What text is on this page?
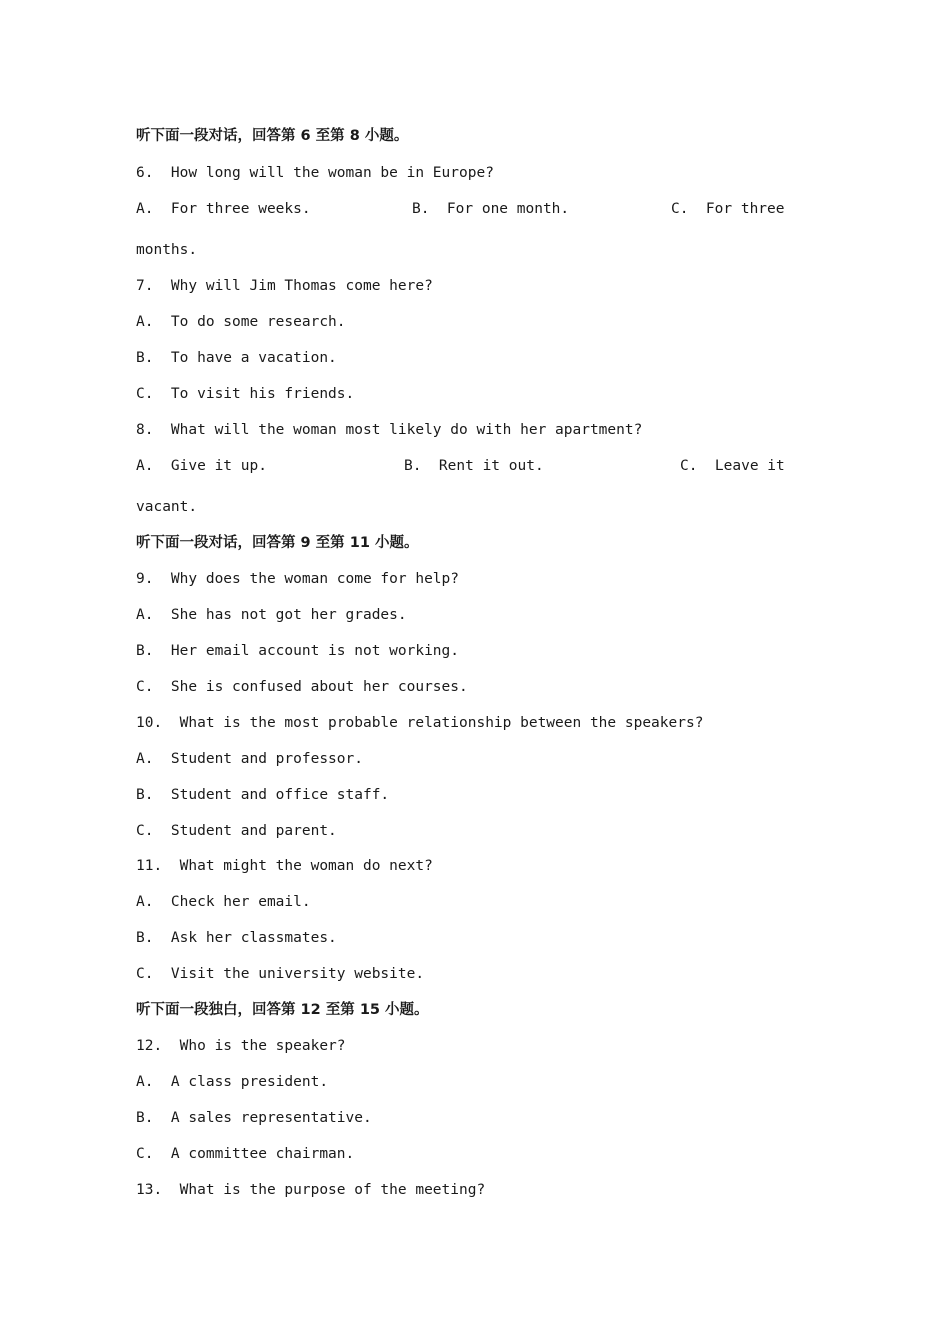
听下面一段对话，回答第 6 至第 8 小题。
6.  How long will the woman be in Europe?

A.  For three weeks.

	B.  For one month.

	C.  For three

months.
7.  Why will Jim Thomas come here?
A.  To do some research.
B.  To have a vacation.
C.  To visit his friends.
8.  What will the woman most likely do with her apartment?

A.  Give it up.

	B.  Rent it out.

	C.  Leave it

vacant.
听下面一段对话，回答第 9 至第 11 小题。
9.  Why does the woman come for help?
A.  She has not got her grades.
B.  Her email account is not working.
C.  She is confused about her courses.
10.  What is the most probable relationship between the speakers?
A.  Student and professor.
B.  Student and office staff.
C.  Student and parent.
11.  What might the woman do next?
A.  Check her email.
B.  Ask her classmates.
C.  Visit the university website.
听下面一段独白，回答第 12 至第 15 小题。
12.  Who is the speaker?
A.  A class president.
B.  A sales representative.
C.  A committee chairman.
13.  What is the purpose of the meeting?
